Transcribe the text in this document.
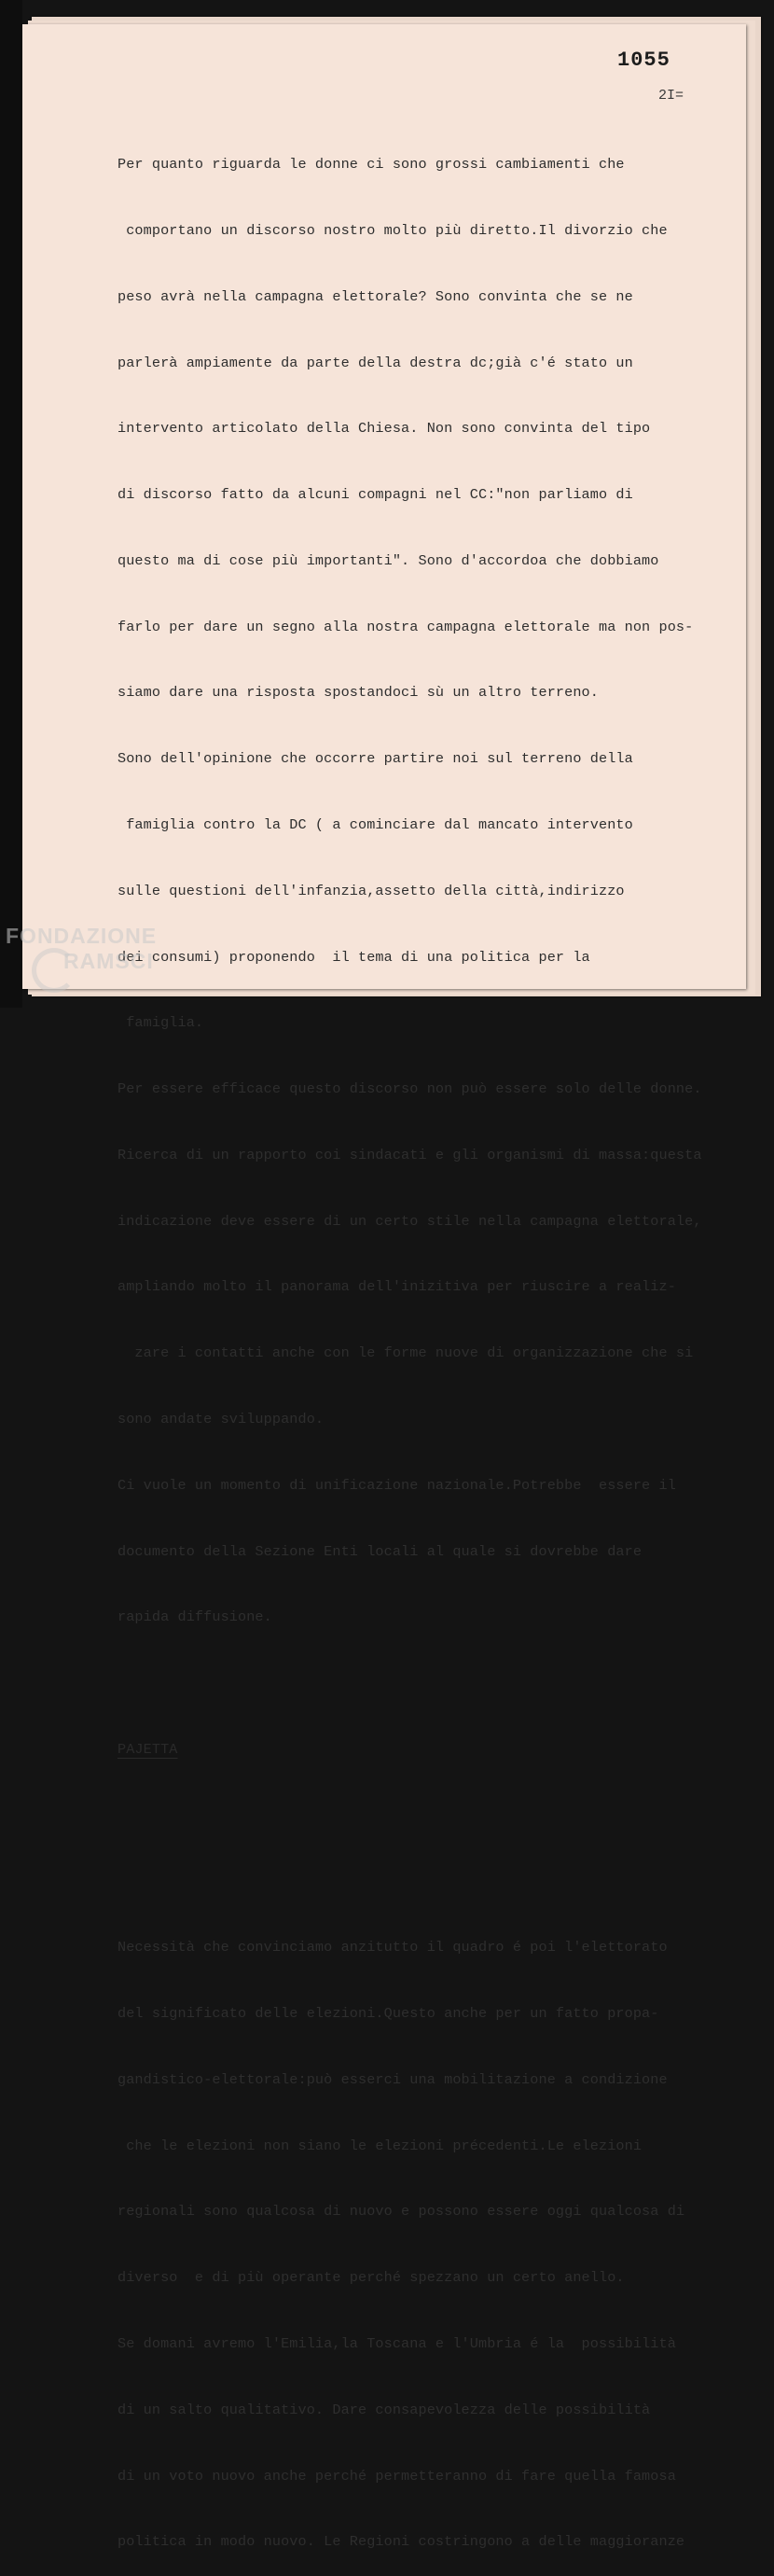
1055
2I=

Per quanto riguarda le donne ci sono grossi cambiamenti che

comportano un discorso nostro molto più diretto.Il divorzio che

peso avrà nella campagna elettorale? Sono convinta che se ne

parlerà ampiamente da parte della destra dc;già c'é stato un

intervento articolato della Chiesa. Non sono convinta del tipo

di discorso fatto da alcuni compagni nel CC:"non parliamo di

questo ma di cose più importanti". Sono d'accordoa che dobbiamo

farlo per dare un segno alla nostra campagna elettorale ma non pos-

siamo dare una risposta spostandoci sù un altro terreno.

Sono dell'opinione che occorre partire noi sul terreno della

famiglia contro la DC ( a cominciare dal mancato intervento

sulle questioni dell'infanzia,assetto della città,indirizzo

dei consumi) proponendo  il tema di una politica per la

famiglia.

Per essere efficace questo discorso non può essere solo delle donne.

Ricerca di un rapporto coi sindacati e gli organismi di massa:questa

indicazione deve essere di un certo stile nella campagna elettorale,

ampliando molto il panorama dell'inizitiva per riuscire a realiz-

zare i contatti anche con le forme nuove di organizzazione che si

sono andate sviluppando.

Ci vuole un momento di unificazione nazionale.Potrebbe  essere il

documento della Sezione Enti locali al quale si dovrebbe dare

rapida diffusione.

PAJETTA

Necessità che convinciamo anzitutto il quadro é poi l'elettorato

del significato delle elezioni.Questo anche per un fatto propa-

gandistico-elettorale:può esserci una mobilitazione a condizione

che le elezioni non siano le elezioni précedenti.Le elezioni

regionali sono qualcosa di nuovo e possono essere oggi qualcosa di

diverso  e di più operante perché spezzano un certo anello.

Se domani avremo l'Emilia,la Toscana e l'Umbria é la  possibilità

di un salto qualitativo. Dare consapevolezza delle possibilità

di un voto nuovo anche perché permetteranno di fare quella famosa

politica in modo nuovo. Le Regioni costringono a delle maggioranze

FONDAZIONE
RAMSCI
